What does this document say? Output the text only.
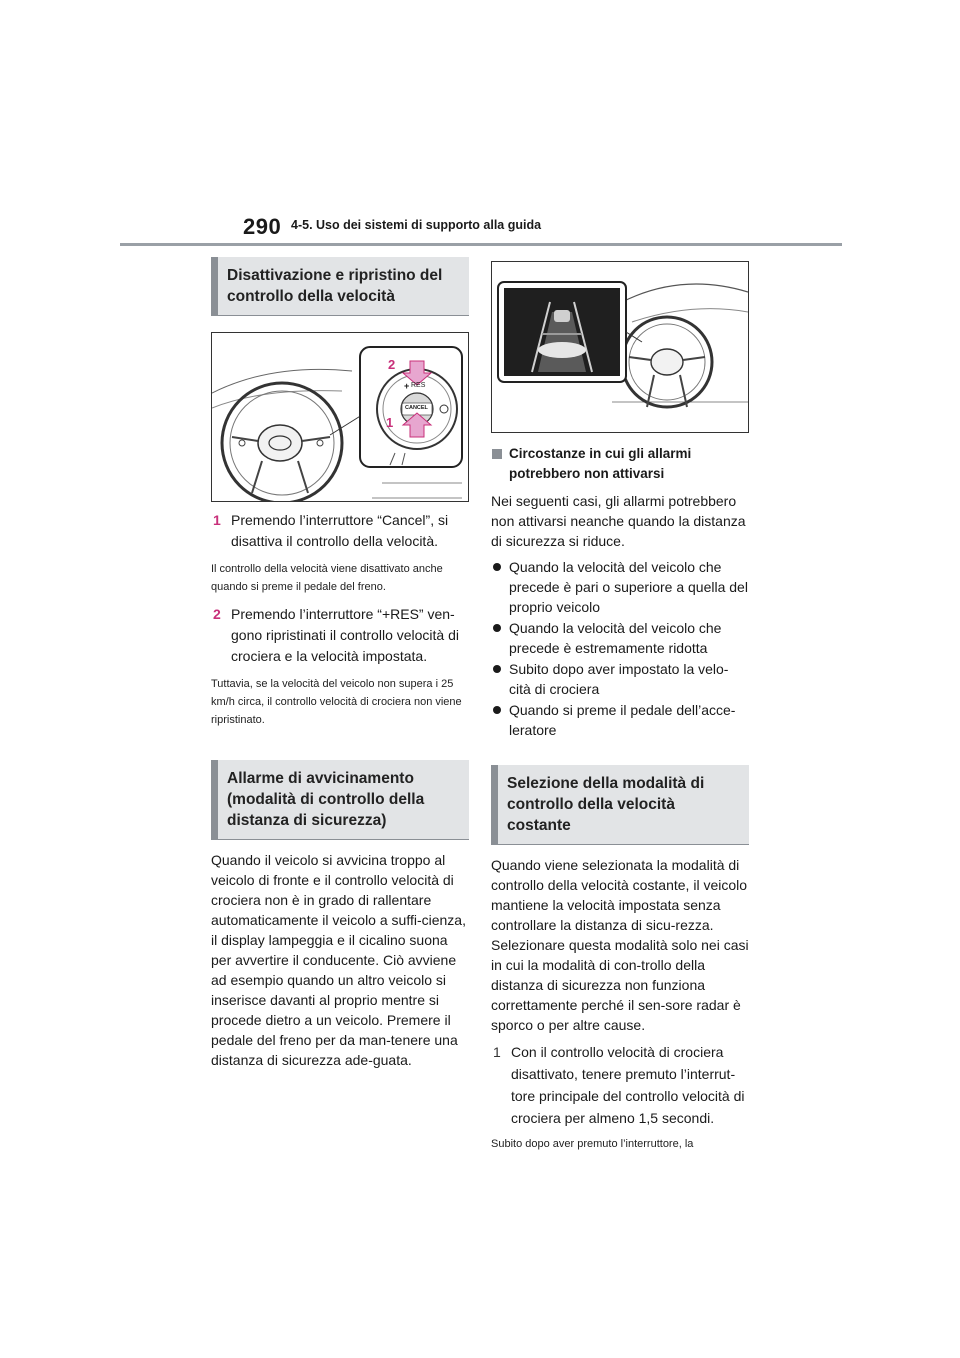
290 4-5. Uso dei sistemi di supporto alla guida
Disattivazione e ripristino del controllo della velocità
+ RES
CANCEL
2
1
1 Premendo l’interruttore “Cancel”, si disattiva il controllo della velocità.
Il controllo della velocità viene disattivato anche quando si preme il pedale del freno.
2 Premendo l’interruttore “+RES” ven-gono ripristinati il controllo velocità di crociera e la velocità impostata.
Tuttavia, se la velocità del veicolo non supera i 25 km/h circa, il controllo velocità di crociera non viene ripristinato.
Allarme di avvicinamento (modalità di controllo della distanza di sicurezza)
Quando il veicolo si avvicina troppo al veicolo di fronte e il controllo velocità di crociera non è in grado di rallentare automaticamente il veicolo a suffi-cienza, il display lampeggia e il cicalino suona per avvertire il conducente. Ciò avviene ad esempio quando un altro veicolo si inserisce davanti al proprio mentre si procede dietro a un veicolo. Premere il pedale del freno per da man-tenere una distanza di sicurezza ade-guata.
Circostanze in cui gli allarmi potrebbero non attivarsi
Nei seguenti casi, gli allarmi potrebbero non attivarsi neanche quando la distanza di sicurezza si riduce.
Quando la velocità del veicolo che precede è pari o superiore a quella del proprio veicolo
Quando la velocità del veicolo che precede è estremamente ridotta
Subito dopo aver impostato la velo-cità di crociera
Quando si preme il pedale dell’acce-leratore
Selezione della modalità di controllo della velocità costante
Quando viene selezionata la modalità di controllo della velocità costante, il veicolo mantiene la velocità impostata senza controllare la distanza di sicu-rezza. Selezionare questa modalità solo nei casi in cui la modalità di con-trollo della distanza di sicurezza non funziona correttamente perché il sen-sore radar è sporco o per altre cause.
1 Con il controllo velocità di crociera disattivato, tenere premuto l’interrut-tore principale del controllo velocità di crociera per almeno 1,5 secondi.
Subito dopo aver premuto l’interruttore, la
